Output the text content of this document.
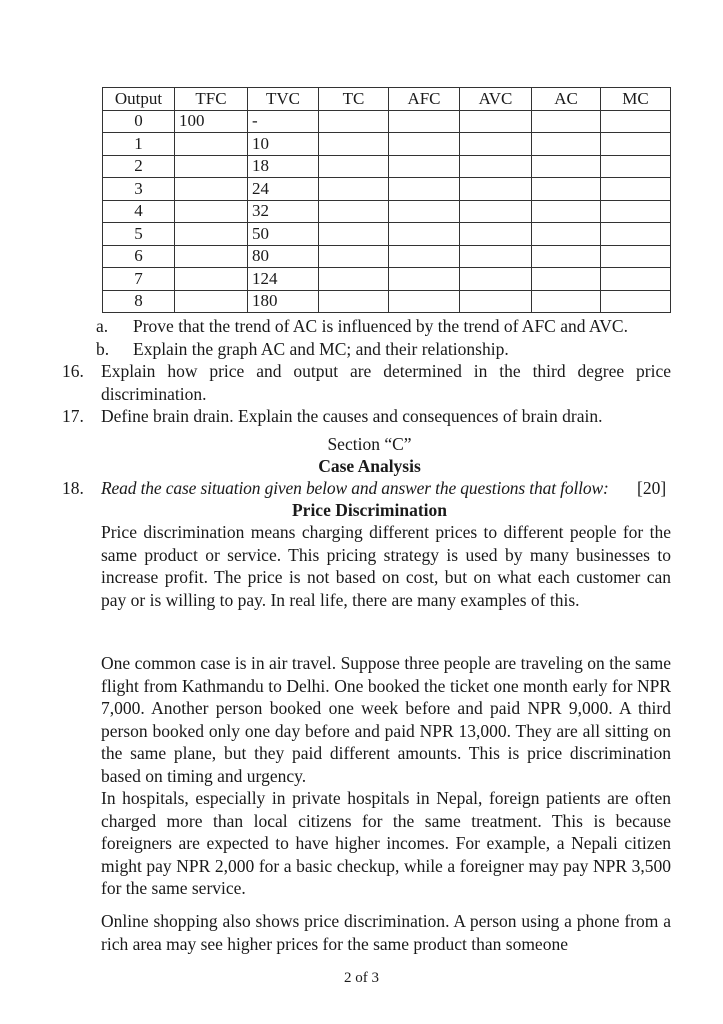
Output	TFC	TVC	TC	AFC	AVC	AC	MC
0	100	-					
1		10					
2		18					
3		24					
4		32					
5		50					
6		80					
7		124					
8		180					
a. Prove that the trend of AC is influenced by the trend of AFC and AVC.
b. Explain the graph AC and MC; and their relationship.
16. Explain how price and output are determined in the third degree price discrimination.

17. Define brain drain. Explain the causes and consequences of brain drain.
Section “C”
Case Analysis
18. Read the case situation given below and answer the questions that follow: [20]
Price Discrimination

Price discrimination means charging different prices to different people for the same product or service. This pricing strategy is used by many businesses to increase profit. The price is not based on cost, but on what each customer can pay or is willing to pay. In real life, there are many examples of this.

One common case is in air travel. Suppose three people are traveling on the same flight from Kathmandu to Delhi. One booked the ticket one month early for NPR 7,000. Another person booked one week before and paid NPR 9,000. A third person booked only one day before and paid NPR 13,000. They are all sitting on the same plane, but they paid different amounts. This is price discrimination based on timing and urgency.

In hospitals, especially in private hospitals in Nepal, foreign patients are often charged more than local citizens for the same treatment. This is because foreigners are expected to have higher incomes. For example, a Nepali citizen might pay NPR 2,000 for a basic checkup, while a foreigner may pay NPR 3,500 for the same service.

Online shopping also shows price discrimination. A person using a phone from a rich area may see higher prices for the same product than someone

2 of 3
